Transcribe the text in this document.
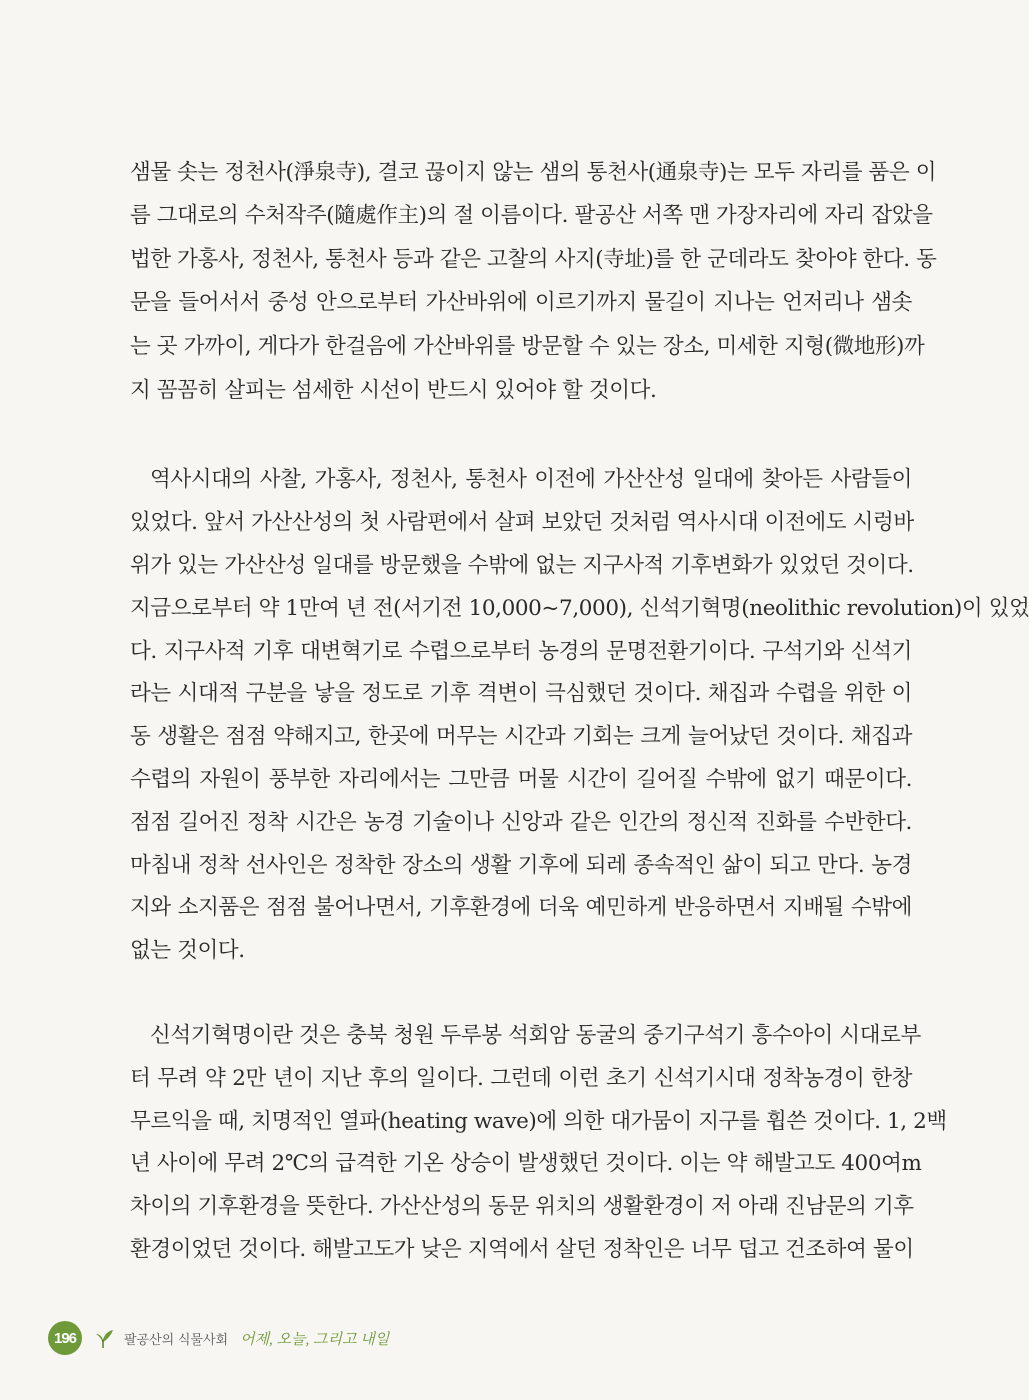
샘물 솟는 정천사(淨泉寺), 결코 끊이지 않는 샘의 통천사(通泉寺)는 모두 자리를 품은 이
름 그대로의 수처작주(隨處作主)의 절 이름이다. 팔공산 서쪽 맨 가장자리에 자리 잡았을
법한 가홍사, 정천사, 통천사 등과 같은 고찰의 사지(寺址)를 한 군데라도 찾아야 한다. 동
문을 들어서서 중성 안으로부터 가산바위에 이르기까지 물길이 지나는 언저리나 샘솟
는 곳 가까이, 게다가 한걸음에 가산바위를 방문할 수 있는 장소, 미세한 지형(微地形)까
지 꼼꼼히 살피는 섬세한 시선이 반드시 있어야 할 것이다.
역사시대의 사찰, 가홍사, 정천사, 통천사 이전에 가산산성 일대에 찾아든 사람들이
있었다. 앞서 가산산성의 첫 사람편에서 살펴 보았던 것처럼 역사시대 이전에도 시렁바
위가 있는 가산산성 일대를 방문했을 수밖에 없는 지구사적 기후변화가 있었던 것이다.
지금으로부터 약 1만여 년 전(서기전 10,000~7,000), 신석기혁명(neolithic revolution)이 있었
다. 지구사적 기후 대변혁기로 수렵으로부터 농경의 문명전환기이다. 구석기와 신석기
라는 시대적 구분을 낳을 정도로 기후 격변이 극심했던 것이다. 채집과 수렵을 위한 이
동 생활은 점점 약해지고, 한곳에 머무는 시간과 기회는 크게 늘어났던 것이다. 채집과
수렵의 자원이 풍부한 자리에서는 그만큼 머물 시간이 길어질 수밖에 없기 때문이다.
점점 길어진 정착 시간은 농경 기술이나 신앙과 같은 인간의 정신적 진화를 수반한다.
마침내 정착 선사인은 정착한 장소의 생활 기후에 되레 종속적인 삶이 되고 만다. 농경
지와 소지품은 점점 불어나면서, 기후환경에 더욱 예민하게 반응하면서 지배될 수밖에
없는 것이다.
신석기혁명이란 것은 충북 청원 두루봉 석회암 동굴의 중기구석기 흥수아이 시대로부
터 무려 약 2만 년이 지난 후의 일이다. 그런데 이런 초기 신석기시대 정착농경이 한창
무르익을 때, 치명적인 열파(heating wave)에 의한 대가뭄이 지구를 휩쓴 것이다. 1, 2백
년 사이에 무려 2℃의 급격한 기온 상승이 발생했던 것이다. 이는 약 해발고도 400여m
차이의 기후환경을 뜻한다. 가산산성의 동문 위치의 생활환경이 저 아래 진남문의 기후
환경이었던 것이다. 해발고도가 낮은 지역에서 살던 정착인은 너무 덥고 건조하여 물이
196	팔공산의 식물사회 어제, 오늘, 그리고 내일
